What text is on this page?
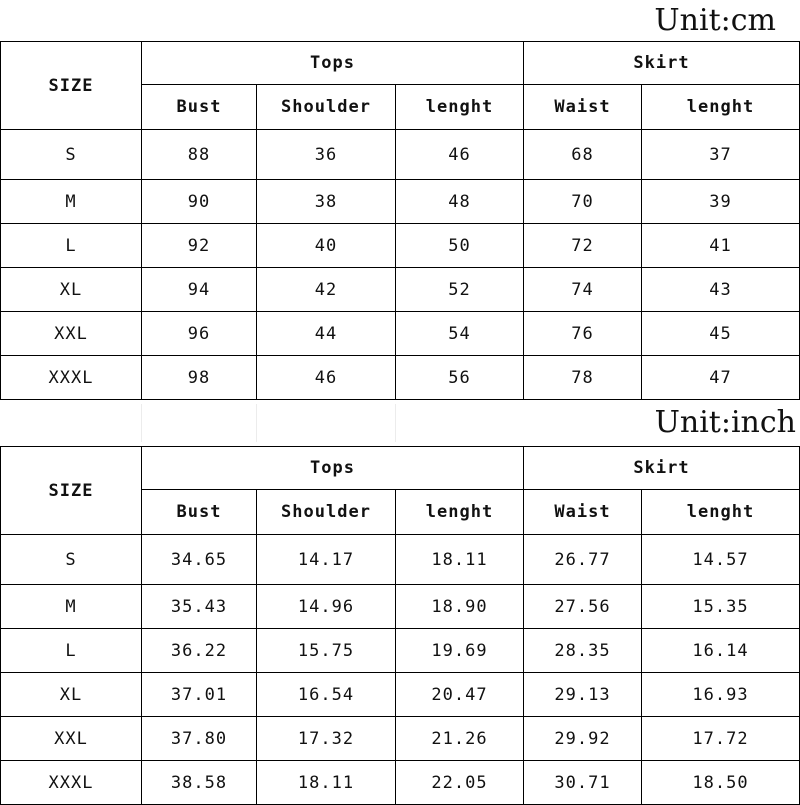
Unit:cm
SIZE	Tops			Skirt	
	Bust	Shoulder	lenght	Waist	lenght
S	88	36	46	68	37
M	90	38	48	70	39
L	92	40	50	72	41
XL	94	42	52	74	43
XXL	96	44	54	76	45
XXXL	98	46	56	78	47
Unit:inch
SIZE	Tops			Skirt	
	Bust	Shoulder	lenght	Waist	lenght
S	34.65	14.17	18.11	26.77	14.57
M	35.43	14.96	18.90	27.56	15.35
L	36.22	15.75	19.69	28.35	16.14
XL	37.01	16.54	20.47	29.13	16.93
XXL	37.80	17.32	21.26	29.92	17.72
XXXL	38.58	18.11	22.05	30.71	18.50
